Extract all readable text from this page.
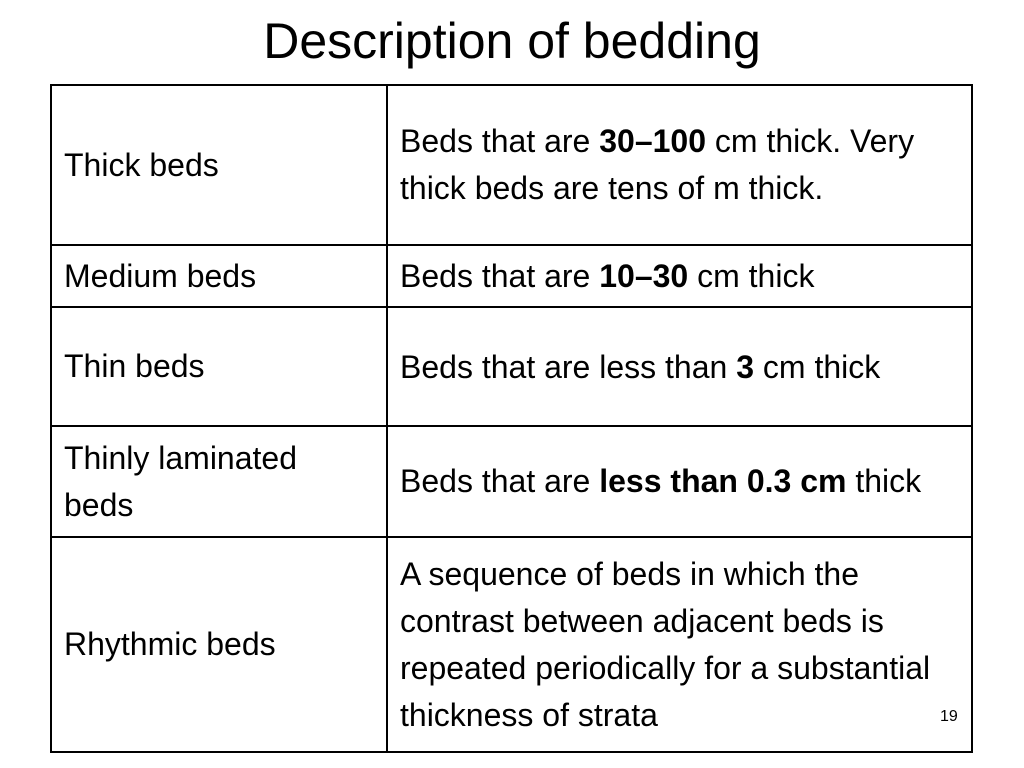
Description of bedding
Thick beds	Beds that are 30–100 cm thick. Very thick beds are tens of m thick.
Medium beds	Beds that are 10–30 cm thick
Thin beds	Beds that are less than 3 cm thick
Thinly laminated beds	Beds that are less than 0.3 cm thick
Rhythmic beds	A sequence of beds in which the contrast between adjacent beds is repeated periodically for a substantial thickness of strata	19
